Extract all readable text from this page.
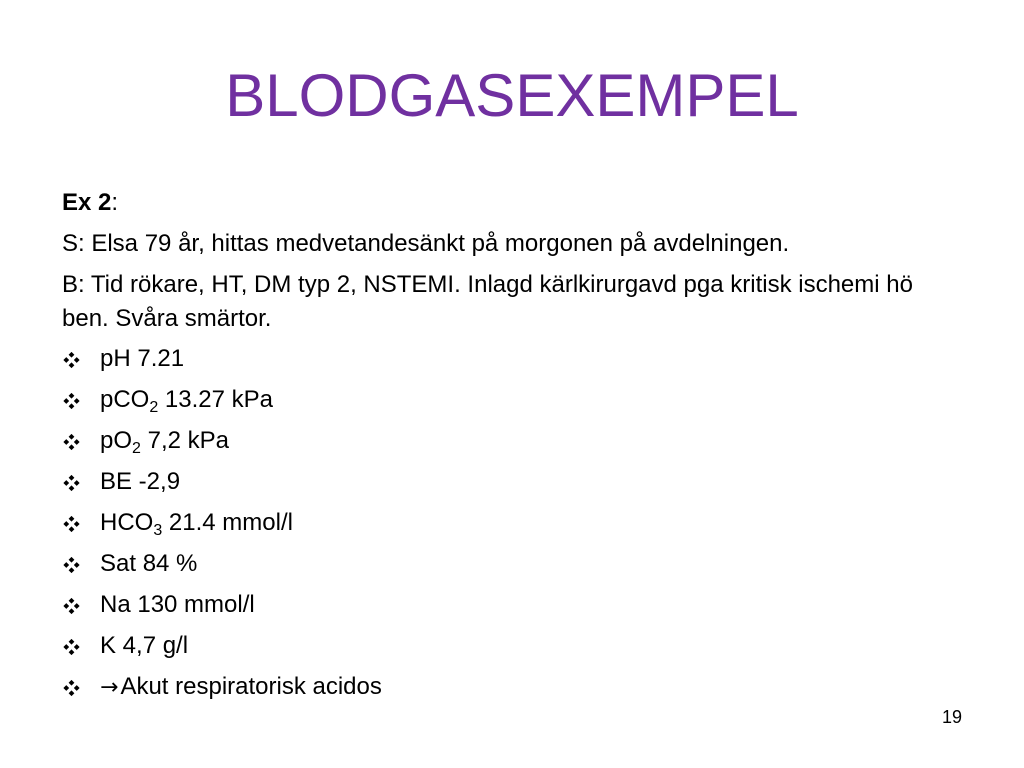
BLODGASEXEMPEL
Ex 2:
S: Elsa 79 år, hittas medvetandesänkt på morgonen på avdelningen.
B: Tid rökare, HT, DM typ 2, NSTEMI. Inlagd kärlkirurgavd pga kritisk ischemi hö ben. Svåra smärtor.
pH 7.21
pCO$_2$ 13.27 kPa
$pO_2$ 7,2 kPa
BE -2,9
$HCO_3$ 21.4 mmol/l
Sat 84 %
Na 130 mmol/l
K 4,7 g/l
→Akut respiratorisk acidos
19
